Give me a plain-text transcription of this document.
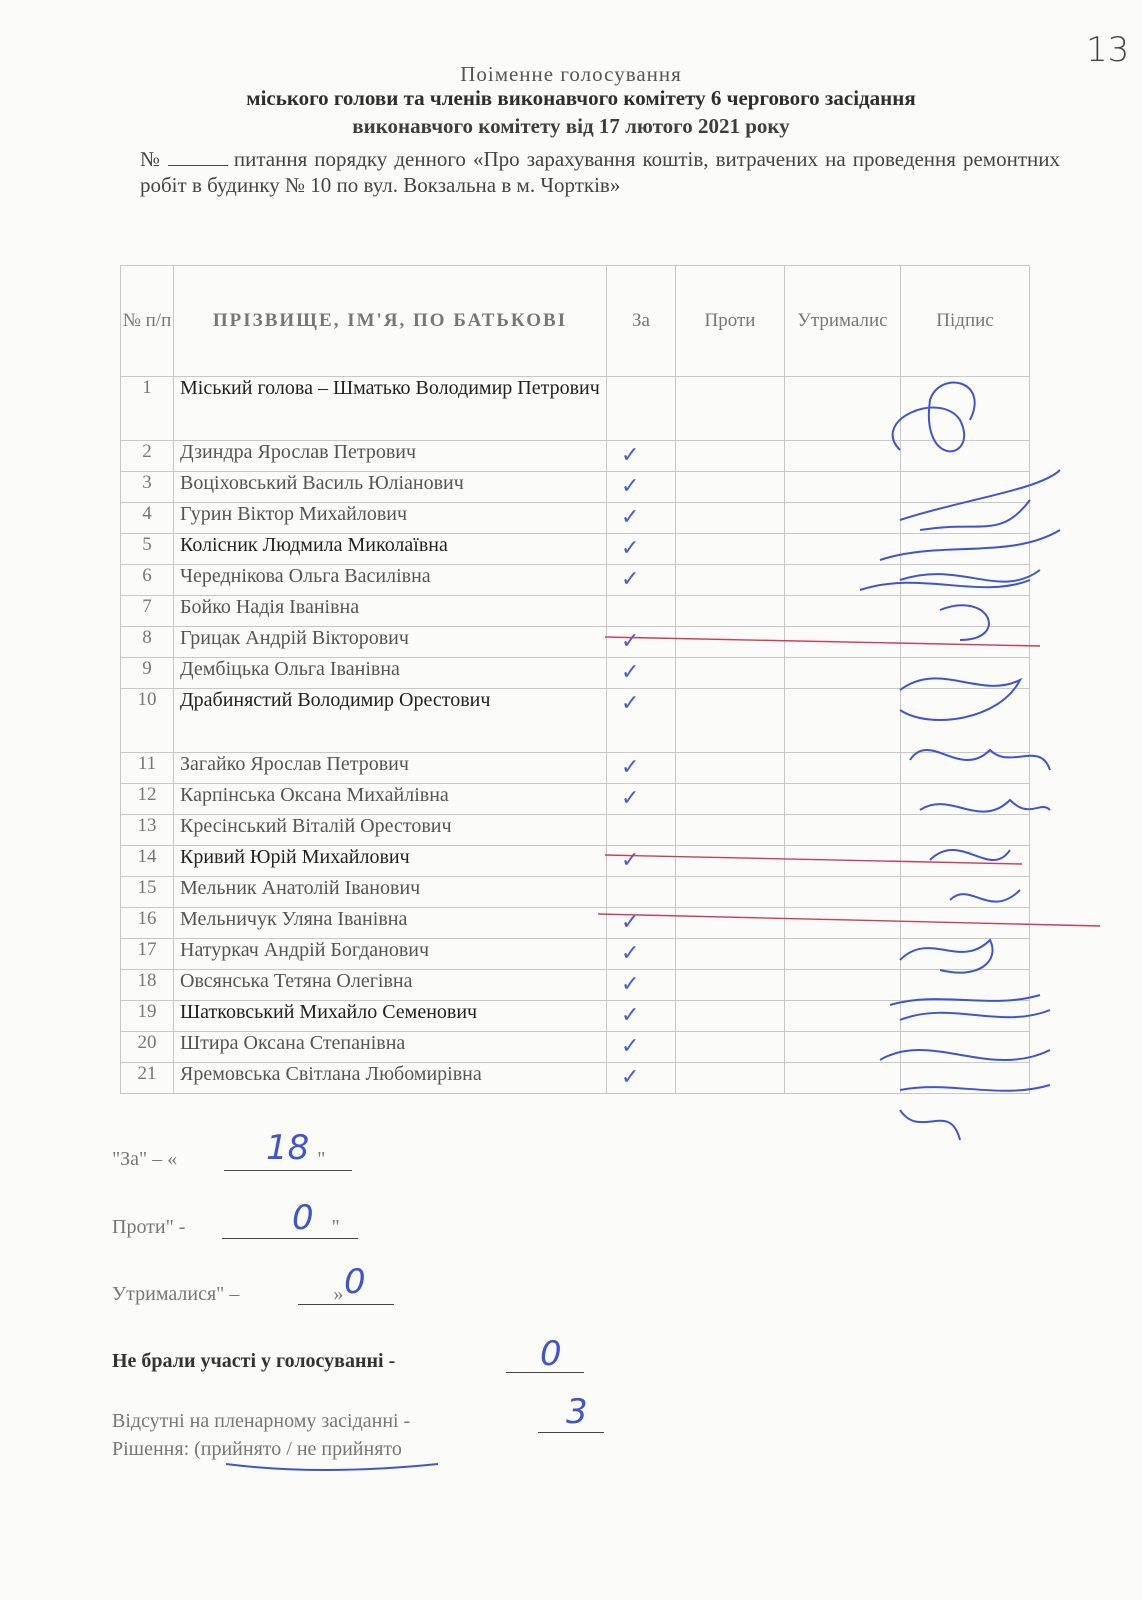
13
Поіменне голосування
міського голови та членів виконавчого комітету 6 чергового засідання
виконавчого комітету від 17 лютого 2021 року
№	питання порядку денного «Про зарахування коштів, витрачених на проведення ремонтних робіт в будинку № 10 по вул. Вокзальна в м. Чортків»
№ п/п	ПРІЗВИЩЕ, ІМ'Я, ПО БАТЬКОВІ	За	Проти	Утрималис	Підпис
1	Міський голова – Шматько Володимир Петрович	

2	Дзиндра Ярослав Петрович	✓			

3	Воціховський Василь Юліанович	✓			

4	Гурин Віктор Михайлович	✓			

5	Колісник Людмила Миколаївна	✓			

6	Череднікова Ольга Василівна	✓			

7	Бойко Надія Іванівна	

8	Грицак Андрій Вікторович	✓			

9	Дембіцька Ольга Іванівна	✓			

10	Драбинястий Володимир Орестович	✓			

11	Загайко Ярослав Петрович	✓			

12	Карпінська Оксана Михайлівна	✓			

13	Кресінський Віталій Орестович	

14	Кривий Юрій Михайлович	✓			

15	Мельник Анатолій Іванович	

16	Мельничук Уляна Іванівна	✓			

17	Натуркач Андрій Богданович	✓			

18	Овсянська Тетяна Олегівна	✓			

19	Шатковський Михайло Семенович	✓			

20	Штира Оксана Степанівна	✓			

21	Яремовська Світлана Любомирівна	✓			

"За" – «	"
18
Проти" -	"
0
Утрималися" –	» 0
Не брали участі у голосуванні -	0
Відсутні на пленарному засіданні -	3
Рішення: (прийнято / не прийнято
